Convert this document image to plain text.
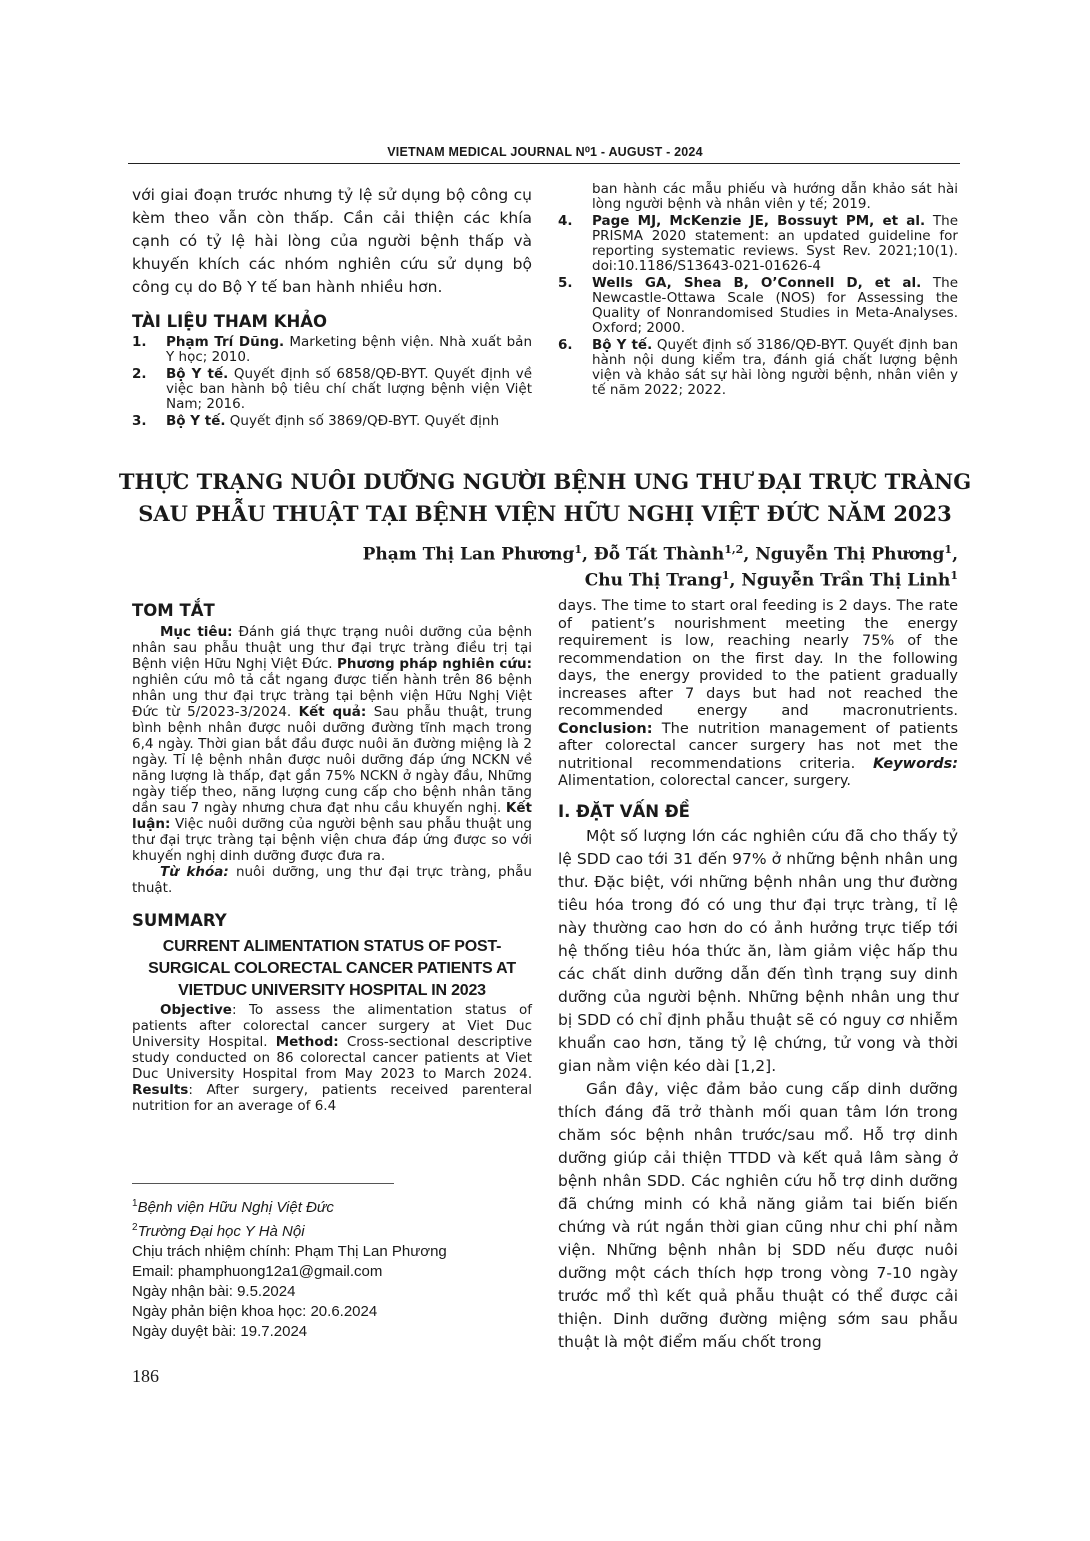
VIETNAM MEDICAL JOURNAL N⁰1 - AUGUST - 2024

với giai đoạn trước nhưng tỷ lệ sử dụng bộ công cụ kèm theo vẫn còn thấp. Cần cải thiện các khía cạnh có tỷ lệ hài lòng của người bệnh thấp và khuyến khích các nhóm nghiên cứu sử dụng bộ công cụ do Bộ Y tế ban hành nhiều hơn.

TÀI LIỆU THAM KHẢO
1. Phạm Trí Dũng. Marketing bệnh viện. Nhà xuất bản Y học; 2010.
2. Bộ Y tế. Quyết định số 6858/QĐ-BYT. Quyết định về việc ban hành bộ tiêu chí chất lượng bệnh viện Việt Nam; 2016.
3. Bộ Y tế. Quyết định số 3869/QĐ-BYT. Quyết định
ban hành các mẫu phiếu và hướng dẫn khảo sát hài lòng người bệnh và nhân viên y tế; 2019.
4. Page MJ, McKenzie JE, Bossuyt PM, et al. The PRISMA 2020 statement: an updated guideline for reporting systematic reviews. Syst Rev. 2021;10(1). doi:10.1186/S13643-021-01626-4
5. Wells GA, Shea B, O’Connell D, et al. The Newcastle-Ottawa Scale (NOS) for Assessing the Quality of Nonrandomised Studies in Meta-Analyses. Oxford; 2000.
6. Bộ Y tế. Quyết định số 3186/QĐ-BYT. Quyết định ban hành nội dung kiểm tra, đánh giá chất lượng bệnh viện và khảo sát sự hài lòng người bệnh, nhân viên y tế năm 2022; 2022.
THỰC TRẠNG NUÔI DƯỠNG NGƯỜI BỆNH UNG THƯ ĐẠI TRỰC TRÀNG
SAU PHẪU THUẬT TẠI BỆNH VIỆN HỮU NGHỊ VIỆT ĐỨC NĂM 2023
Phạm Thị Lan Phương$^1$, Đỗ Tất Thành$^{1,2}$, Nguyễn Thị Phương$^1$,
Chu Thị Trang$^1$, Nguyễn Trần Thị Linh$^1$
TOM TẮT

Mục tiêu: Đánh giá thực trạng nuôi dưỡng của bệnh nhân sau phẫu thuật ung thư đại trực tràng điều trị tại Bệnh viện Hữu Nghị Việt Đức. Phương pháp nghiên cứu: nghiên cứu mô tả cắt ngang được tiến hành trên 86 bệnh nhân ung thư đại trực tràng tại bệnh viện Hữu Nghị Việt Đức từ 5/2023-3/2024. Kết quả: Sau phẫu thuật, trung bình bệnh nhân được nuôi dưỡng đường tĩnh mạch trong 6,4 ngày. Thời gian bắt đầu được nuôi ăn đường miệng là 2 ngày. Tỉ lệ bệnh nhân được nuôi dưỡng đáp ứng NCKN về năng lượng là thấp, đạt gần 75% NCKN ở ngày đầu, Những ngày tiếp theo, năng lượng cung cấp cho bệnh nhân tăng dần sau 7 ngày nhưng chưa đạt nhu cầu khuyến nghị. Kết luận: Việc nuôi dưỡng của người bệnh sau phẫu thuật ung thư đại trực tràng tại bệnh viện chưa đáp ứng được so với khuyến nghị dinh dưỡng được đưa ra.

Từ khóa: nuôi dưỡng, ung thư đại trực tràng, phẫu thuật.

SUMMARY
CURRENT ALIMENTATION STATUS OF POST-SURGICAL COLORECTAL CANCER PATIENTS AT VIETDUC UNIVERSITY HOSPITAL IN 2023

Objective: To assess the alimentation status of patients after colorectal cancer surgery at Viet Duc University Hospital. Method: Cross-sectional descriptive study conducted on 86 colorectal cancer patients at Viet Duc University Hospital from May 2023 to March 2024. Results: After surgery, patients received parenteral nutrition for an average of 6.4

$^1$Bệnh viện Hữu Nghị Việt Đức
$^2$Trường Đại học Y Hà Nội
Chịu trách nhiệm chính: Phạm Thị Lan Phương
Email: phamphuong12a1@gmail.com
Ngày nhận bài: 9.5.2024
Ngày phản biện khoa học: 20.6.2024
Ngày duyệt bài: 19.7.2024

days. The time to start oral feeding is 2 days. The rate of patient’s nourishment meeting the energy requirement is low, reaching nearly 75% of the recommendation on the first day. In the following days, the energy provided to the patient gradually increases after 7 days but had not reached the recommended energy and macronutrients. Conclusion: The nutrition management of patients after colorectal cancer surgery has not met the nutritional recommendations criteria. Keywords: Alimentation, colorectal cancer, surgery.

I. ĐẶT VẤN ĐỀ

Một số lượng lớn các nghiên cứu đã cho thấy tỷ lệ SDD cao tới 31 đến 97% ở những bệnh nhân ung thư. Đặc biệt, với những bệnh nhân ung thư đường tiêu hóa trong đó có ung thư đại trực tràng, tỉ lệ này thường cao hơn do có ảnh hưởng trực tiếp tới hệ thống tiêu hóa thức ăn, làm giảm việc hấp thu các chất dinh dưỡng dẫn đến tình trạng suy dinh dưỡng của người bệnh. Những bệnh nhân ung thư bị SDD có chỉ định phẫu thuật sẽ có nguy cơ nhiễm khuẩn cao hơn, tăng tỷ lệ chứng, tử vong và thời gian nằm viện kéo dài [1,2].

Gần đây, việc đảm bảo cung cấp dinh dưỡng thích đáng đã trở thành mối quan tâm lớn trong chăm sóc bệnh nhân trước/sau mổ. Hỗ trợ dinh dưỡng giúp cải thiện TTDD và kết quả lâm sàng ở bệnh nhân SDD. Các nghiên cứu hỗ trợ dinh dưỡng đã chứng minh có khả năng giảm tai biến biến chứng và rút ngắn thời gian cũng như chi phí nằm viện. Những bệnh nhân bị SDD nếu được nuôi dưỡng một cách thích hợp trong vòng 7-10 ngày trước mổ thì kết quả phẫu thuật có thể được cải thiện. Dinh dưỡng đường miệng sớm sau phẫu thuật là một điểm mấu chốt trong

186
